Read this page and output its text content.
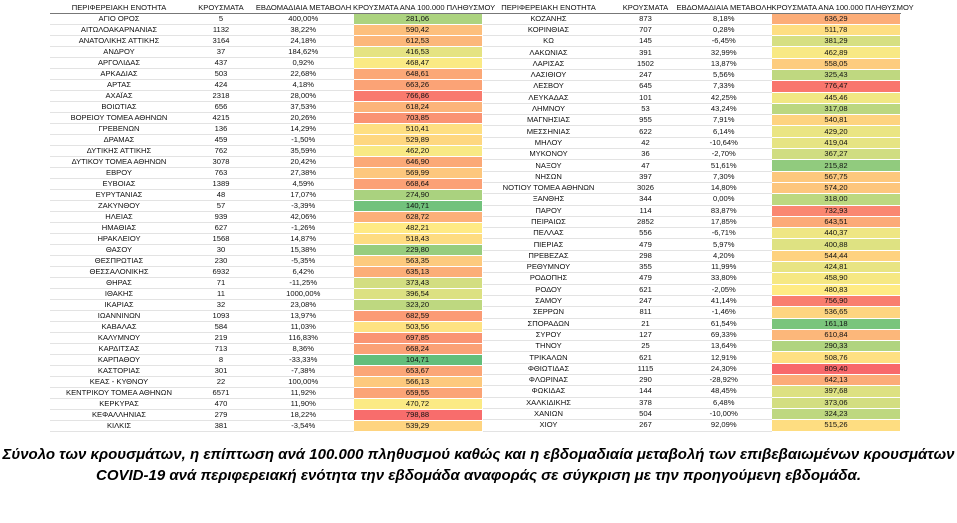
ΠΕΡΙΦΕΡΕΙΑΚΗ ΕΝΟΤΗΤΑ	ΚΡΟΥΣΜΑΤΑ	ΕΒΔΟΜΑΔΙΑΙΑ ΜΕΤΑΒΟΛΗ	ΚΡΟΥΣΜΑΤΑ ΑΝΑ 100.000 ΠΛΗΘΥΣΜΟΥ
ΑΓΙΟ ΟΡΟΣ	5	400,00%	281,06
ΑΙΤΩΛΟΑΚΑΡΝΑΝΙΑΣ	1132	38,22%	590,42
ΑΝΑΤΟΛΙΚΗΣ ΑΤΤΙΚΗΣ	3164	24,18%	612,53
ΑΝΔΡΟΥ	37	184,62%	416,53
ΑΡΓΟΛΙΔΑΣ	437	0,92%	468,47
ΑΡΚΑΔΙΑΣ	503	22,68%	648,61
ΑΡΤΑΣ	424	4,18%	663,26
ΑΧΑΪΑΣ	2318	28,00%	766,86
ΒΟΙΩΤΙΑΣ	656	37,53%	618,24
ΒΟΡΕΙΟΥ ΤΟΜΕΑ ΑΘΗΝΩΝ	4215	20,26%	703,85
ΓΡΕΒΕΝΩΝ	136	14,29%	510,41
ΔΡΑΜΑΣ	459	-1,50%	529,89
ΔΥΤΙΚΗΣ ΑΤΤΙΚΗΣ	762	35,59%	462,20
ΔΥΤΙΚΟΥ ΤΟΜΕΑ ΑΘΗΝΩΝ	3078	20,42%	646,90
ΕΒΡΟΥ	763	27,38%	569,99
ΕΥΒΟΙΑΣ	1389	4,59%	668,64
ΕΥΡΥΤΑΝΙΑΣ	48	17,07%	274,90
ΖΑΚΥΝΘΟΥ	57	-3,39%	140,71
ΗΛΕΙΑΣ	939	42,06%	628,72
ΗΜΑΘΙΑΣ	627	-1,26%	482,21
ΗΡΑΚΛΕΙΟΥ	1568	14,87%	518,43
ΘΑΣΟΥ	30	15,38%	229,80
ΘΕΣΠΡΩΤΙΑΣ	230	-5,35%	563,35
ΘΕΣΣΑΛΟΝΙΚΗΣ	6932	6,42%	635,13
ΘΗΡΑΣ	71	-11,25%	373,43
ΙΘΑΚΗΣ	11	1000,00%	396,54
ΙΚΑΡΙΑΣ	32	23,08%	323,20
ΙΩΑΝΝΙΝΩΝ	1093	13,97%	682,59
ΚΑΒΑΛΑΣ	584	11,03%	503,56
ΚΑΛΥΜΝΟΥ	219	116,83%	697,85
ΚΑΡΔΙΤΣΑΣ	713	8,36%	668,24
ΚΑΡΠΑΘΟΥ	8	-33,33%	104,71
ΚΑΣΤΟΡΙΑΣ	301	-7,38%	653,67
ΚΕΑΣ - ΚΥΘΝΟΥ	22	100,00%	566,13
ΚΕΝΤΡΙΚΟΥ ΤΟΜΕΑ ΑΘΗΝΩΝ	6571	11,92%	659,55
ΚΕΡΚΥΡΑΣ	470	11,90%	470,72
ΚΕΦΑΛΛΗΝΙΑΣ	279	18,22%	798,88
ΚΙΛΚΙΣ	381	-3,54%	539,29
ΠΕΡΙΦΕΡΕΙΑΚΗ ΕΝΟΤΗΤΑ	ΚΡΟΥΣΜΑΤΑ	ΕΒΔΟΜΑΔΙΑΙΑ ΜΕΤΑΒΟΛΗ	ΚΡΟΥΣΜΑΤΑ ΑΝΑ 100.000 ΠΛΗΘΥΣΜΟΥ
ΚΟΖΑΝΗΣ	873	8,18%	636,29
ΚΟΡΙΝΘΙΑΣ	707	0,28%	511,78
ΚΩ	145	-6,45%	381,29
ΛΑΚΩΝΙΑΣ	391	32,99%	462,89
ΛΑΡΙΣΑΣ	1502	13,87%	558,05
ΛΑΣΙΘΙΟΥ	247	5,56%	325,43
ΛΕΣΒΟΥ	645	7,33%	776,47
ΛΕΥΚΑΔΑΣ	101	42,25%	445,46
ΛΗΜΝΟΥ	53	43,24%	317,08
ΜΑΓΝΗΣΙΑΣ	955	7,91%	540,81
ΜΕΣΣΗΝΙΑΣ	622	6,14%	429,20
ΜΗΛΟΥ	42	-10,64%	419,04
ΜΥΚΟΝΟΥ	36	-2,70%	367,27
ΝΑΞΟΥ	47	51,61%	215,82
ΝΗΣΩΝ	397	7,30%	567,75
ΝΟΤΙΟΥ ΤΟΜΕΑ ΑΘΗΝΩΝ	3026	14,80%	574,20
ΞΑΝΘΗΣ	344	0,00%	318,00
ΠΑΡΟΥ	114	83,87%	732,93
ΠΕΙΡΑΙΩΣ	2852	17,85%	643,51
ΠΕΛΛΑΣ	556	-6,71%	440,37
ΠΙΕΡΙΑΣ	479	5,97%	400,88
ΠΡΕΒΕΖΑΣ	298	4,20%	544,44
ΡΕΘΥΜΝΟΥ	355	11,99%	424,81
ΡΟΔΟΠΗΣ	479	33,80%	458,90
ΡΟΔΟΥ	621	-2,05%	480,83
ΣΑΜΟΥ	247	41,14%	756,90
ΣΕΡΡΩΝ	811	-1,46%	536,65
ΣΠΟΡΑΔΩΝ	21	61,54%	161,18
ΣΥΡΟΥ	127	69,33%	610,84
ΤΗΝΟΥ	25	13,64%	290,33
ΤΡΙΚΑΛΩΝ	621	12,91%	508,76
ΦΘΙΩΤΙΔΑΣ	1115	24,30%	809,40
ΦΛΩΡΙΝΑΣ	290	-28,92%	642,13
ΦΩΚΙΔΑΣ	144	48,45%	397,68
ΧΑΛΚΙΔΙΚΗΣ	378	6,48%	373,06
ΧΑΝΙΩΝ	504	-10,00%	324,23
ΧΙΟΥ	267	92,09%	515,26

Σύνολο των κρουσμάτων, η επίπτωση ανά 100.000 πληθυσμού καθώς και η εβδομαδιαία μεταβολή των επιβεβαιωμένων κρουσμάτων COVID-19 ανά περιφερειακή ενότητα την εβδομάδα αναφοράς σε σύγκριση με την προηγούμενη εβδομάδα.
